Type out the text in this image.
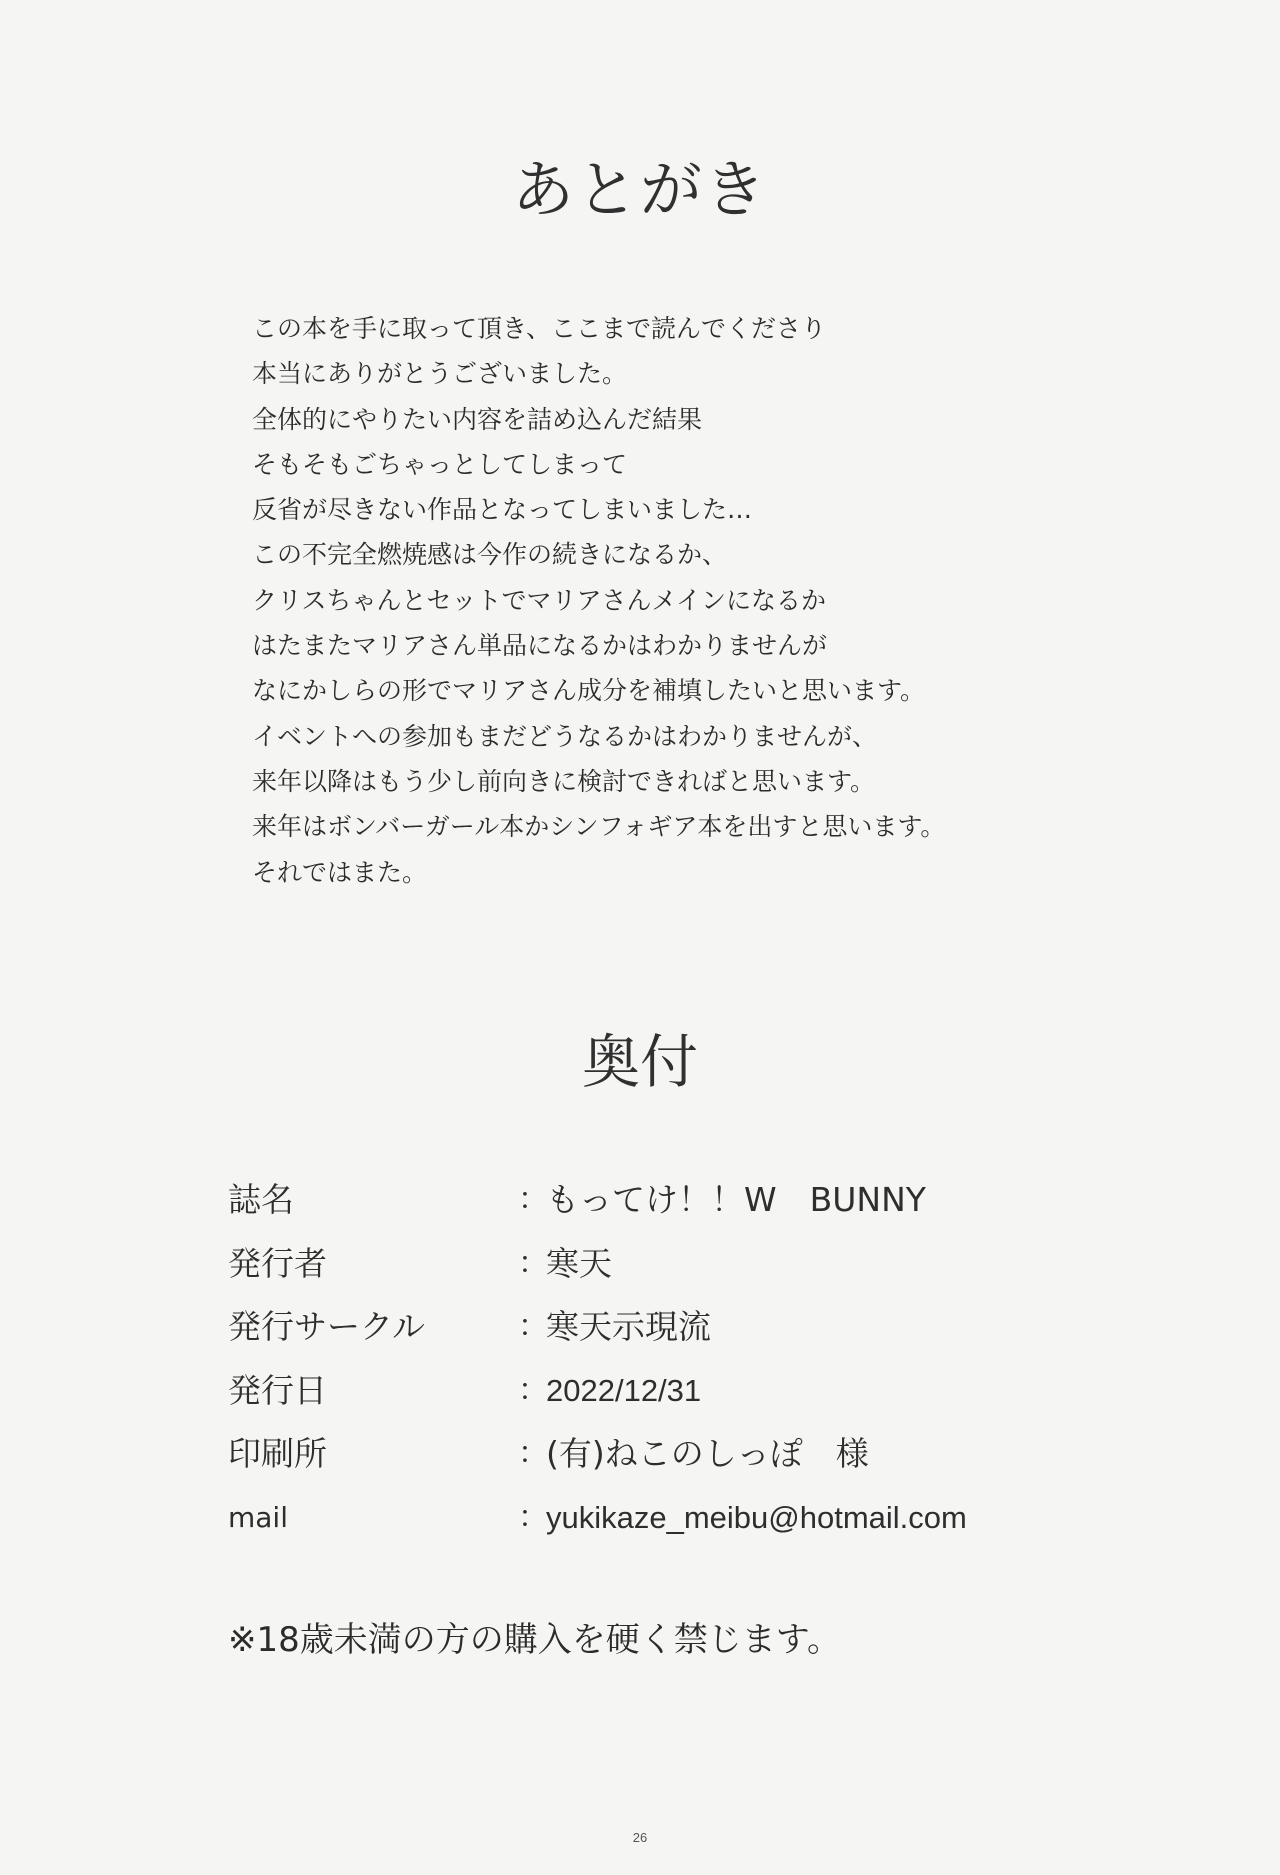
あとがき
この本を手に取って頂き、ここまで読んでくださり
本当にありがとうございました。
全体的にやりたい内容を詰め込んだ結果
そもそもごちゃっとしてしまって
反省が尽きない作品となってしまいました…
この不完全燃焼感は今作の続きになるか、
クリスちゃんとセットでマリアさんメインになるか
はたまたマリアさん単品になるかはわかりませんが
なにかしらの形でマリアさん成分を補填したいと思います。
イベントへの参加もまだどうなるかはわかりませんが、
来年以降はもう少し前向きに検討できればと思います。
来年はボンバーガール本かシンフォギア本を出すと思います。
それではまた。
奥付
誌名	：
もってけ！！W　BUNNY
発行者	：
寒天
発行サークル	：
寒天示現流
発行日	：
2022/12/31
印刷所	：
(有)ねこのしっぽ　様
mail	：
yukikaze_meibu@hotmail.com
※18歳未満の方の購入を硬く禁じます。
26
